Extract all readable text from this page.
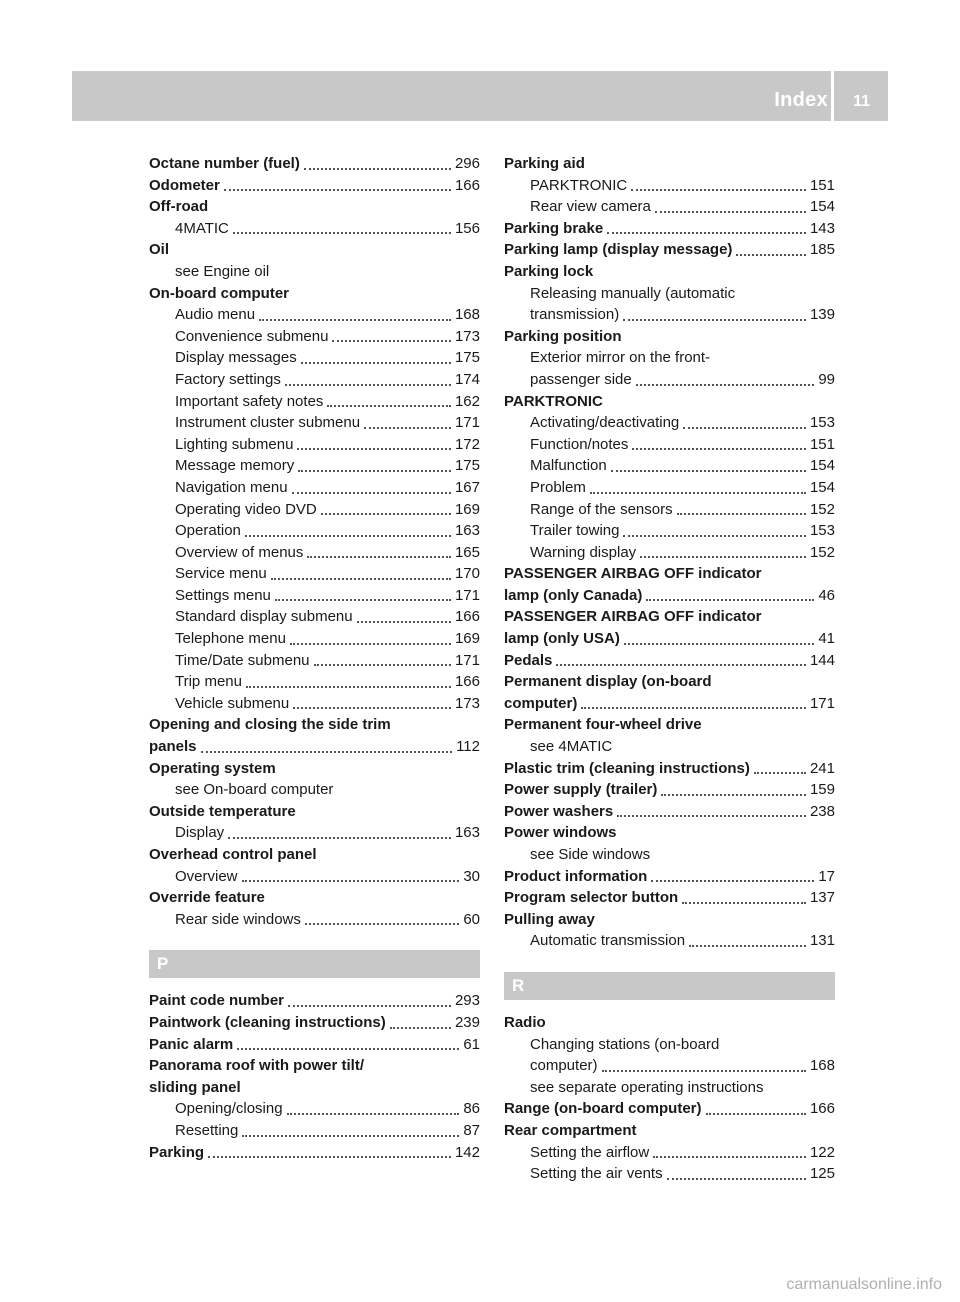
Index 11
Octane number (fuel)	296
Odometer	166
Off-road
4MATIC	156
Oil
see Engine oil
On-board computer
Audio menu	168
Convenience submenu	173
Display messages	175
Factory settings	174
Important safety notes	162
Instrument cluster submenu	171
Lighting submenu	172
Message memory	175
Navigation menu	167
Operating video DVD	169
Operation	163
Overview of menus	165
Service menu	170
Settings menu	171
Standard display submenu	166
Telephone menu	169
Time/Date submenu	171
Trip menu	166
Vehicle submenu	173
Opening and closing the side trim
panels	112
Operating system
see On-board computer
Outside temperature
Display	163
Overhead control panel
Overview	30
Override feature
Rear side windows	60
P
Paint code number	293
Paintwork (cleaning instructions)	239
Panic alarm	61
Panorama roof with power tilt/
sliding panel
Opening/closing	86
Resetting	87
Parking	142
Parking aid
PARKTRONIC	151
Rear view camera	154
Parking brake	143
Parking lamp (display message)	185
Parking lock
Releasing manually (automatic
transmission)	139
Parking position
Exterior mirror on the front-
passenger side	99
PARKTRONIC
Activating/deactivating	153
Function/notes	151
Malfunction	154
Problem	154
Range of the sensors	152
Trailer towing	153
Warning display	152
PASSENGER AIRBAG OFF indicator
lamp (only Canada)	46
PASSENGER AIRBAG OFF indicator
lamp (only USA)	41
Pedals	144
Permanent display (on-board
computer)	171
Permanent four-wheel drive
see 4MATIC
Plastic trim (cleaning instructions)	241
Power supply (trailer)	159
Power washers	238
Power windows
see Side windows
Product information	17
Program selector button	137
Pulling away
Automatic transmission	131
R
Radio
Changing stations (on-board
computer)	168
see separate operating instructions
Range (on-board computer)	166
Rear compartment
Setting the airflow	122
Setting the air vents	125
carmanualsonline.info
